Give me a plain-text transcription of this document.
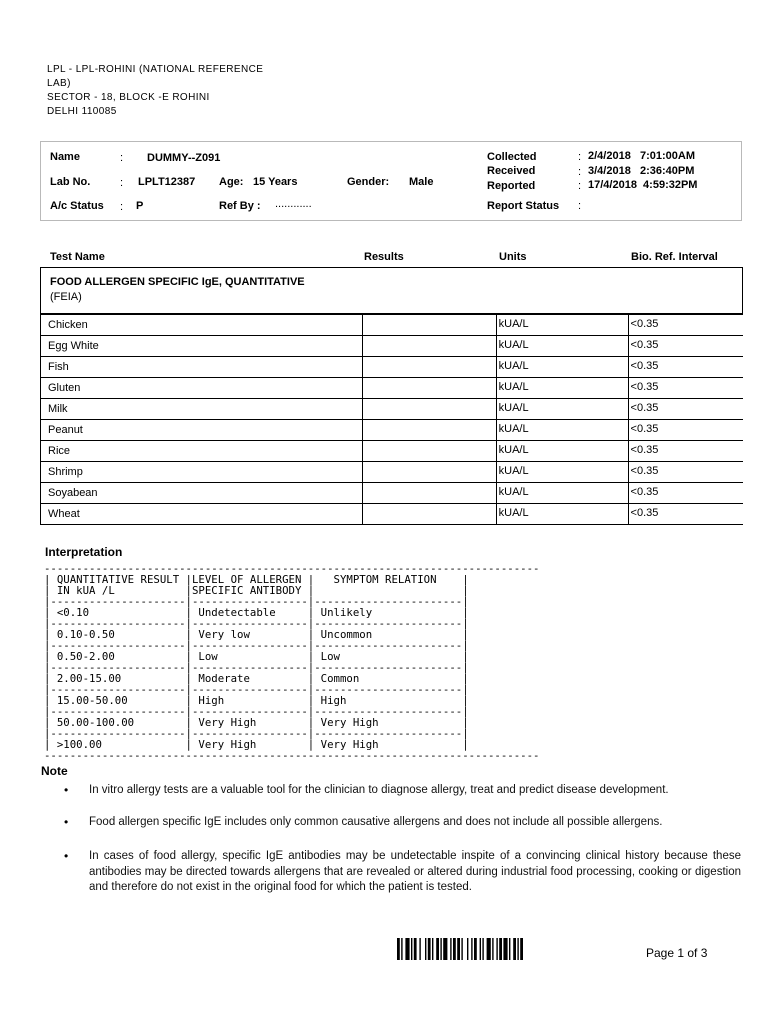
LPL - LPL-ROHINI (NATIONAL REFERENCE
LAB)
SECTOR - 18, BLOCK -E ROHINI
DELHI 110085
Name	: DUMMY--Z091
Lab No.	: LPLT12387 Age: 15 Years	Gender: Male
A/c Status : P	Ref By : ............
Collected	: 2/4/2018   7:01:00AM
Received	: 3/4/2018   2:36:40PM
Reported	: 17/4/2018  4:59:32PM
Report Status :
Test Name	Results	Units	Bio. Ref. Interval
FOOD ALLERGEN SPECIFIC IgE, QUANTITATIVE
(FEIA)
Chicken		kUA/L	<0.35
Egg White		kUA/L	<0.35
Fish		kUA/L	<0.35
Gluten		kUA/L	<0.35
Milk		kUA/L	<0.35
Peanut		kUA/L	<0.35
Rice		kUA/L	<0.35
Shrimp		kUA/L	<0.35
Soyabean		kUA/L	<0.35
Wheat		kUA/L	<0.35
Interpretation
-----------------------------------------------------------------------------
| QUANTITATIVE RESULT |LEVEL OF ALLERGEN |   SYMPTOM RELATION    |
| IN kUA /L           |SPECIFIC ANTIBODY |                       |
|---------------------|------------------|-----------------------|
| <0.10               | Undetectable     | Unlikely              |
|---------------------|------------------|-----------------------|
| 0.10-0.50           | Very low         | Uncommon              |
|---------------------|------------------|-----------------------|
| 0.50-2.00           | Low              | Low                   |
|---------------------|------------------|-----------------------|
| 2.00-15.00          | Moderate         | Common                |
|---------------------|------------------|-----------------------|
| 15.00-50.00         | High             | High                  |
|---------------------|------------------|-----------------------|
| 50.00-100.00        | Very High        | Very High             |
|---------------------|------------------|-----------------------|
| >100.00             | Very High        | Very High             |
-----------------------------------------------------------------------------
Note
• In vitro allergy tests are a valuable tool for the clinician to diagnose allergy, treat and predict disease development.
• Food allergen specific IgE includes only common causative allergens and does not include all possible allergens.
• In cases of food allergy, specific IgE antibodies may be undetectable inspite of a convincing clinical history because these antibodies may be directed towards allergens that are revealed or altered during industrial food processing, cooking or digestion and therefore do not exist in the original food for which the patient is tested.
Page 1 of 3
